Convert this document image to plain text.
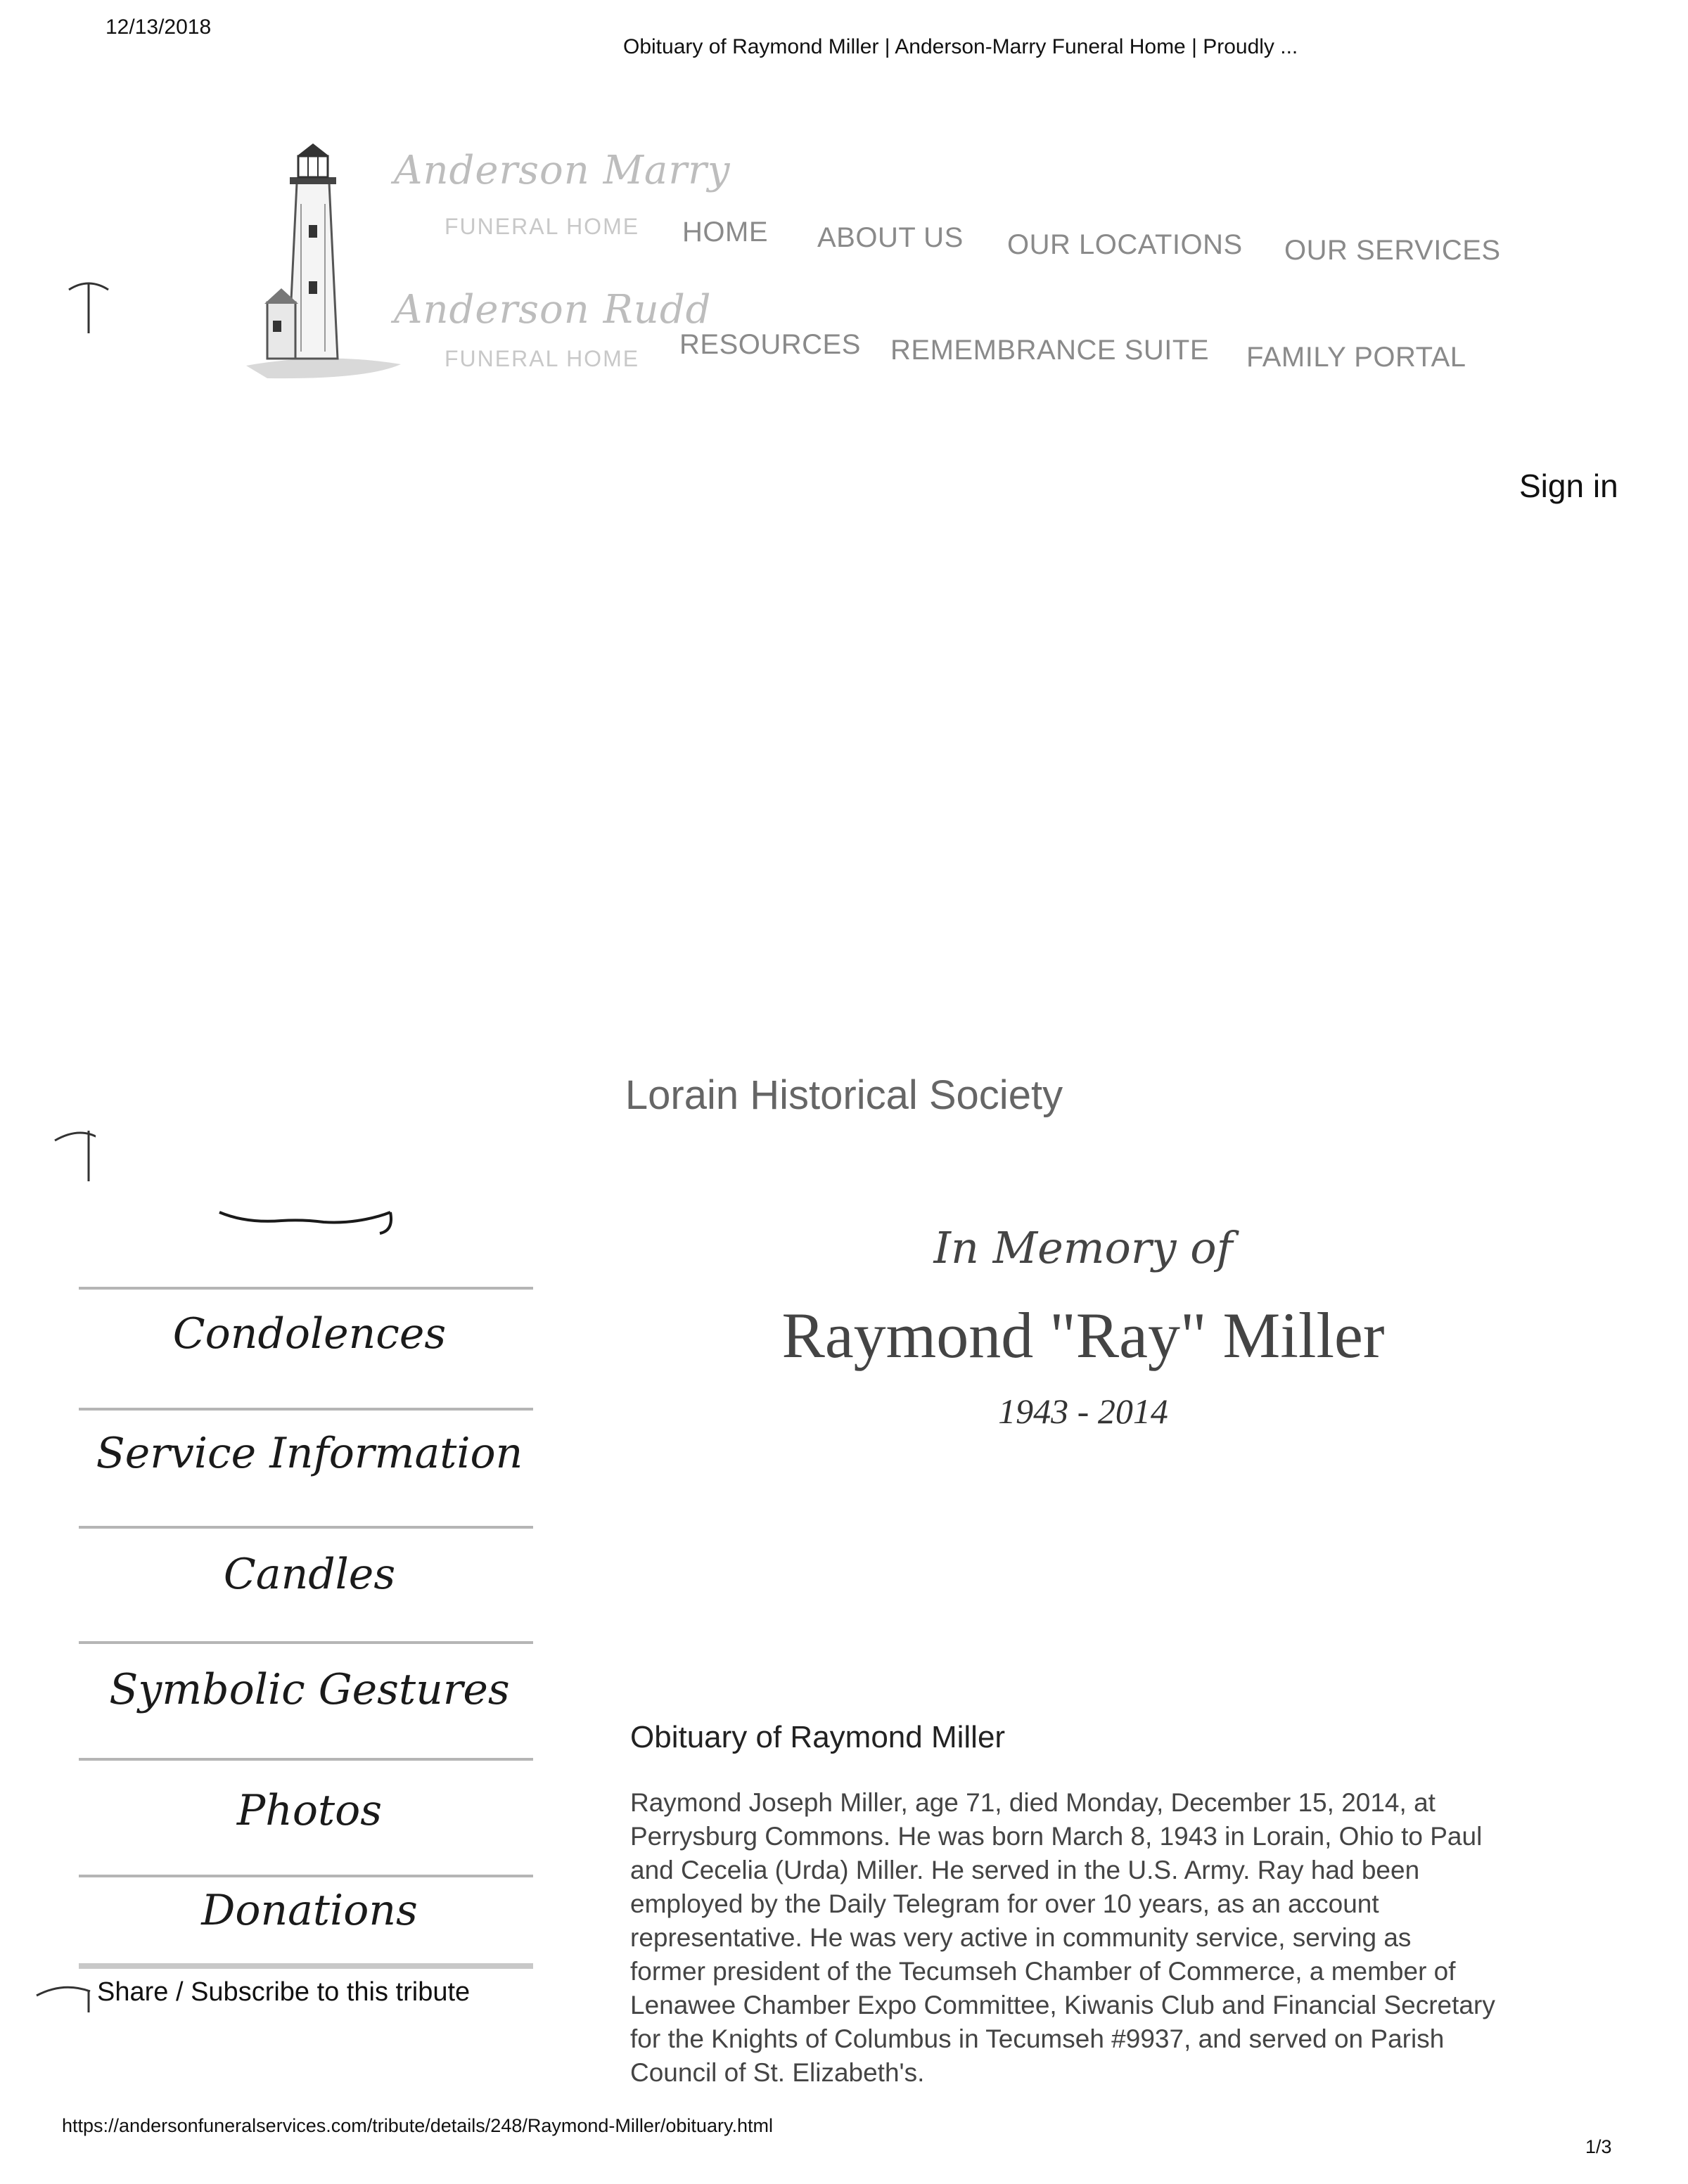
12/13/2018
Obituary of Raymond Miller | Anderson-Marry Funeral Home | Proudly ...
Anderson Marry
FUNERAL HOME
Anderson Rudd
FUNERAL HOME
HOME ABOUT US OUR LOCATIONS OUR SERVICES
RESOURCES REMEMBRANCE SUITE FAMILY PORTAL
Sign in
Lorain Historical Society
Condolences
Service Information
Candles
Symbolic Gestures
Photos
Donations
Share / Subscribe to this tribute
In Memory of
Raymond "Ray" Miller
1943 - 2014
Obituary of Raymond Miller
Raymond Joseph Miller, age 71, died Monday, December 15, 2014, at
Perrysburg Commons. He was born March 8, 1943 in Lorain, Ohio to Paul
and Cecelia (Urda) Miller. He served in the U.S. Army. Ray had been
employed by the Daily Telegram for over 10 years, as an account
representative. He was very active in community service, serving as
former president of the Tecumseh Chamber of Commerce, a member of
Lenawee Chamber Expo Committee, Kiwanis Club and Financial Secretary
for the Knights of Columbus in Tecumseh #9937, and served on Parish
Council of St. Elizabeth's.
https://andersonfuneralservices.com/tribute/details/248/Raymond-Miller/obituary.html
1/3
